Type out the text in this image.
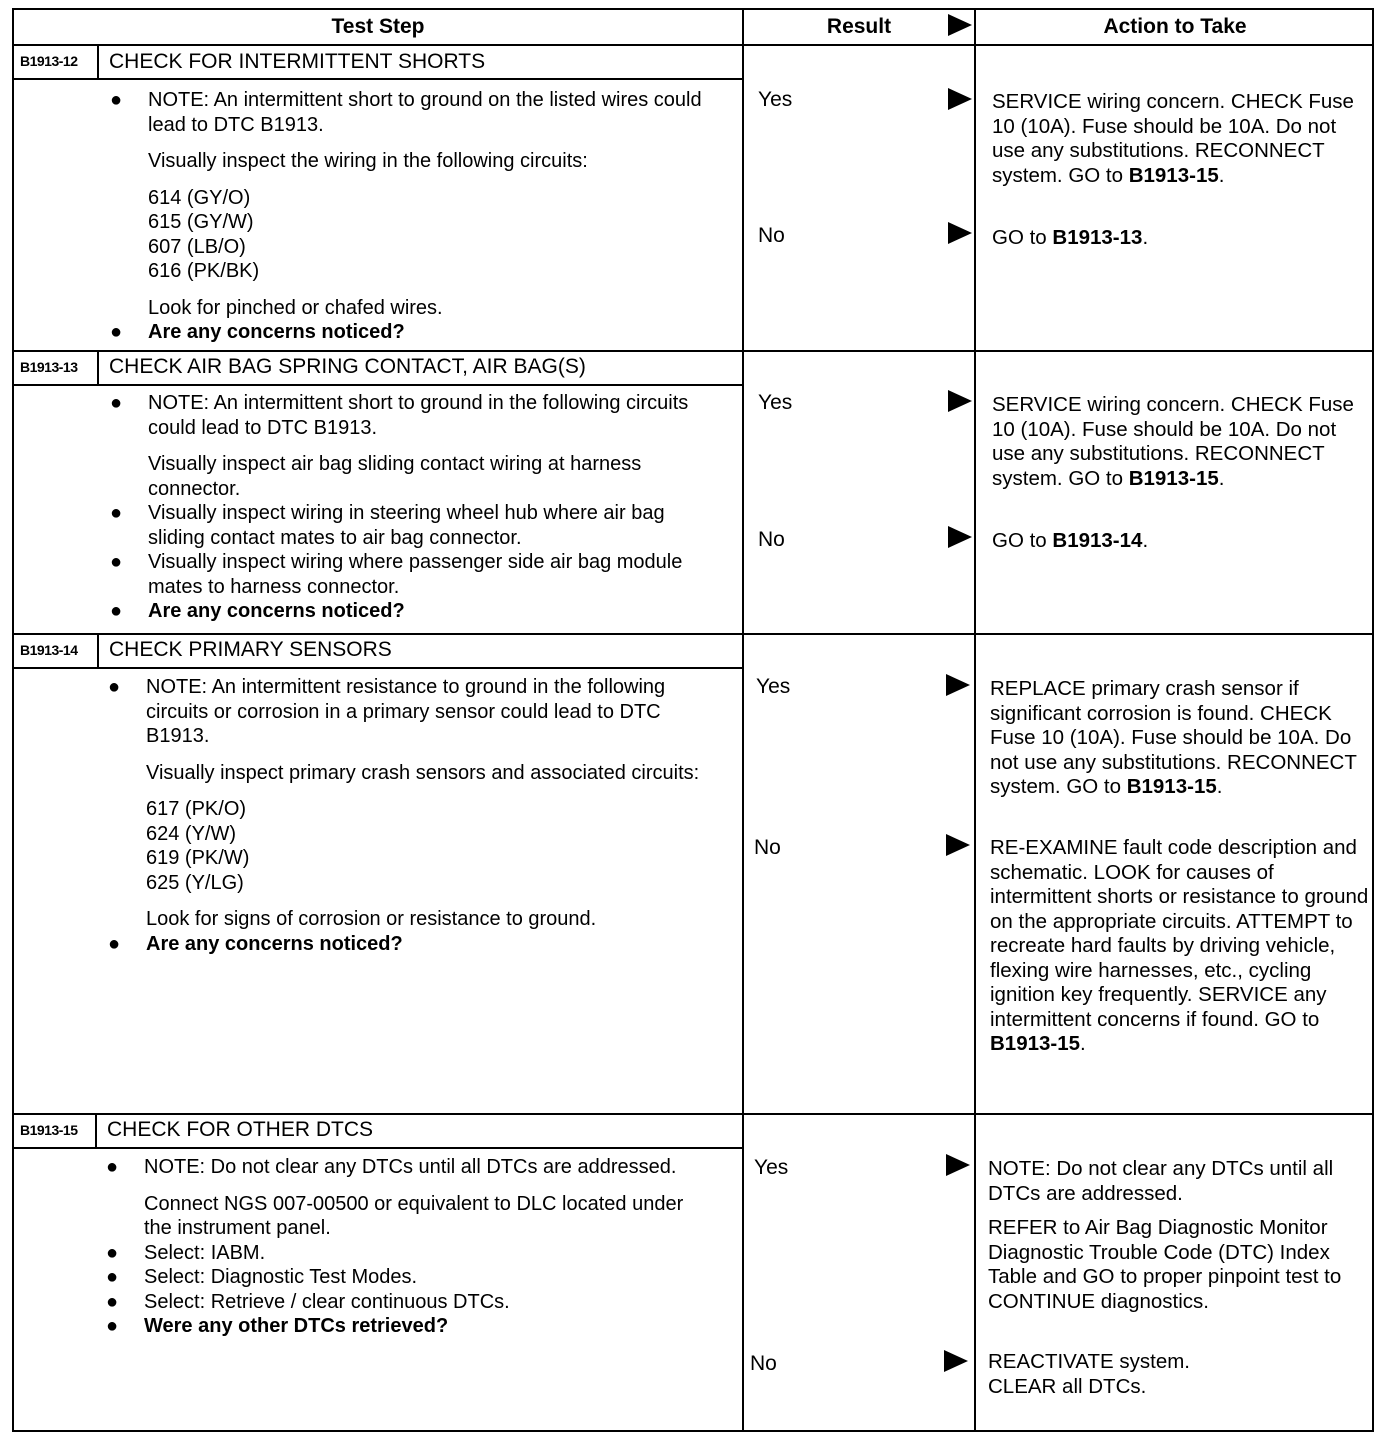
Test Step	Result	Action to Take
B1913-12 CHECK FOR INTERMITTENT SHORTS
● NOTE: An intermittent short to ground on the listed wires could lead to DTC B1913.
Visually inspect the wiring in the following circuits:
614 (GY/O)
615 (GY/W)
607 (LB/O)
616 (PK/BK)
Look for pinched or chafed wires.
● Are any concerns noticed?
Yes	SERVICE wiring concern. CHECK Fuse 10 (10A). Fuse should be 10A. Do not use any substitutions. RECONNECT system. GO to B1913-15.
No	GO to B1913-13.
B1913-13 CHECK AIR BAG SPRING CONTACT, AIR BAG(S)
● NOTE: An intermittent short to ground in the following circuits could lead to DTC B1913.
Visually inspect air bag sliding contact wiring at harness connector.
● Visually inspect wiring in steering wheel hub where air bag sliding contact mates to air bag connector.
● Visually inspect wiring where passenger side air bag module mates to harness connector.
● Are any concerns noticed?
Yes	SERVICE wiring concern. CHECK Fuse 10 (10A). Fuse should be 10A. Do not use any substitutions. RECONNECT system. GO to B1913-15.
No	GO to B1913-14.
B1913-14 CHECK PRIMARY SENSORS
● NOTE: An intermittent resistance to ground in the following circuits or corrosion in a primary sensor could lead to DTC B1913.
Visually inspect primary crash sensors and associated circuits:
617 (PK/O)
624 (Y/W)
619 (PK/W)
625 (Y/LG)
Look for signs of corrosion or resistance to ground.
● Are any concerns noticed?
Yes	REPLACE primary crash sensor if significant corrosion is found. CHECK Fuse 10 (10A). Fuse should be 10A. Do not use any substitutions. RECONNECT system. GO to B1913-15.
No	RE-EXAMINE fault code description and schematic. LOOK for causes of intermittent shorts or resistance to ground on the appropriate circuits. ATTEMPT to recreate hard faults by driving vehicle, flexing wire harnesses, etc., cycling ignition key frequently. SERVICE any intermittent concerns if found. GO to B1913-15.
B1913-15 CHECK FOR OTHER DTCS
● NOTE: Do not clear any DTCs until all DTCs are addressed.
Connect NGS 007-00500 or equivalent to DLC located under the instrument panel.
● Select: IABM.
● Select: Diagnostic Test Modes.
● Select: Retrieve / clear continuous DTCs.
● Were any other DTCs retrieved?
Yes	NOTE: Do not clear any DTCs until all DTCs are addressed.
REFER to Air Bag Diagnostic Monitor Diagnostic Trouble Code (DTC) Index Table and GO to proper pinpoint test to CONTINUE diagnostics.
No	REACTIVATE system.
CLEAR all DTCs.
